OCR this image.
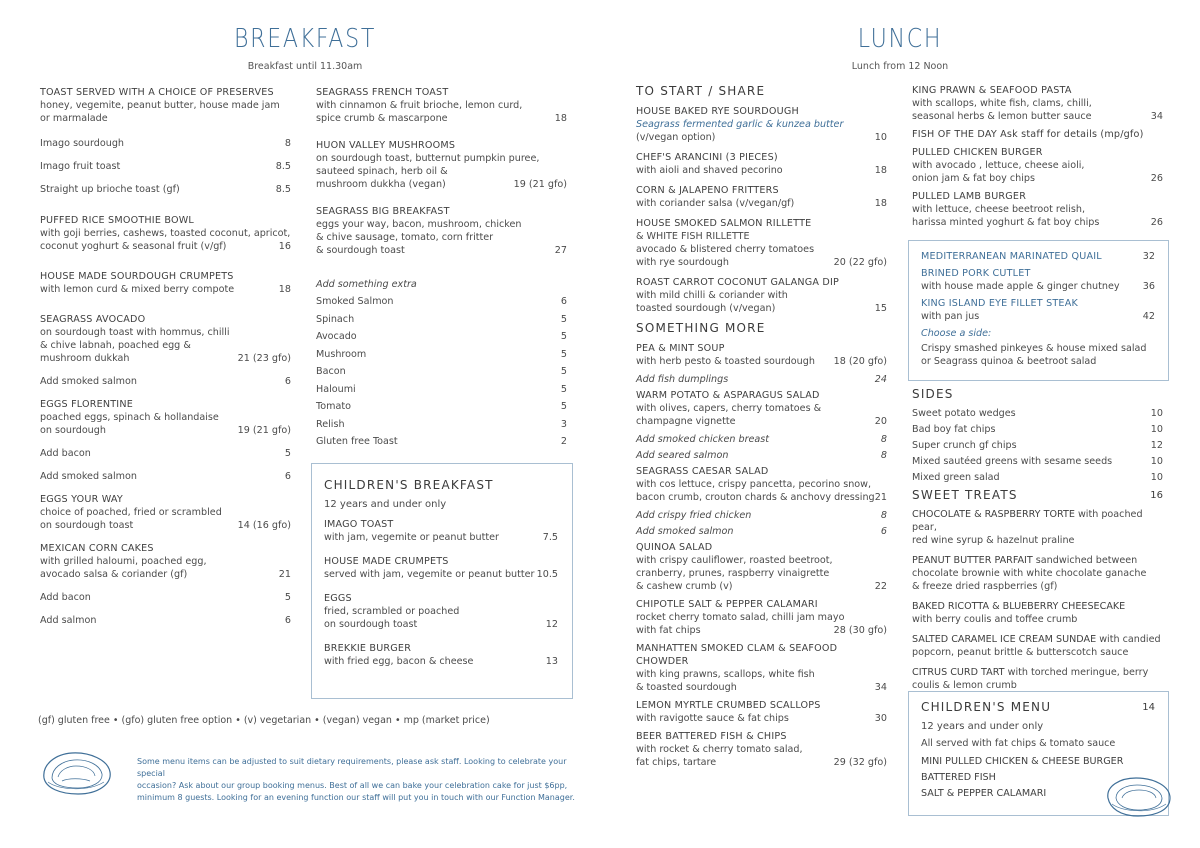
BREAKFAST
Breakfast until 11.30am
TOAST SERVED WITH A CHOICE OF PRESERVES
honey, vegemite, peanut butter, house made jam
or marmalade
Imago sourdough	8
Imago fruit toast	8.5
Straight up brioche toast (gf)	8.5
PUFFED RICE SMOOTHIE BOWL
with goji berries, cashews, toasted coconut, apricot,
coconut yoghurt & seasonal fruit (v/gf)	16
HOUSE MADE SOURDOUGH CRUMPETS
with lemon curd & mixed berry compote	18
SEAGRASS AVOCADO
on sourdough toast with hommus, chilli
& chive labnah, poached egg &
mushroom dukkah	21 (23 gfo)
Add smoked salmon	6
EGGS FLORENTINE
poached eggs, spinach & hollandaise
on sourdough	19 (21 gfo)
Add bacon	5
Add smoked salmon	6
EGGS YOUR WAY
choice of poached, fried or scrambled
on sourdough toast	14 (16 gfo)
MEXICAN CORN CAKES
with grilled haloumi, poached egg,
avocado salsa & coriander (gf)	21
Add bacon	5
Add salmon	6
SEAGRASS FRENCH TOAST
with cinnamon & fruit brioche, lemon curd,
spice crumb & mascarpone	18
HUON VALLEY MUSHROOMS
on sourdough toast, butternut pumpkin puree,
sauteed spinach, herb oil &
mushroom dukkha (vegan)	19 (21 gfo)
SEAGRASS BIG BREAKFAST
eggs your way, bacon, mushroom, chicken
& chive sausage, tomato, corn fritter
& sourdough toast	27
Add something extra
Smoked Salmon	6
Spinach	5
Avocado	5
Mushroom	5
Bacon	5
Haloumi	5
Tomato	5
Relish	3
Gluten free Toast	2
CHILDREN'S BREAKFAST
12 years and under only
IMAGO TOAST
with jam, vegemite or peanut butter	7.5
HOUSE MADE CRUMPETS
served with jam, vegemite or peanut butter 10.5
EGGS
fried, scrambled or poached
on sourdough toast	12
BREKKIE BURGER
with fried egg, bacon & cheese	13
(gf) gluten free • (gfo) gluten free option • (v) vegetarian • (vegan) vegan • mp (market price)
Some menu items can be adjusted to suit dietary requirements, please ask staff. Looking to celebrate your special
occasion? Ask about our group booking menus. Best of all we can bake your celebration cake for just $6pp,
minimum 8 guests. Looking for an evening function our staff will put you in touch with our Function Manager.
LUNCH
Lunch from 12 Noon
TO START / SHARE
HOUSE BAKED RYE SOURDOUGH
Seagrass fermented garlic & kunzea butter
(v/vegan option)	10
CHEF'S ARANCINI (3 PIECES)
with aioli and shaved pecorino	18
CORN & JALAPENO FRITTERS
with coriander salsa (v/vegan/gf)	18
HOUSE SMOKED SALMON RILLETTE
& WHITE FISH RILLETTE
avocado & blistered cherry tomatoes
with rye sourdough	20 (22 gfo)
ROAST CARROT COCONUT GALANGA DIP
with mild chilli & coriander with
toasted sourdough (v/vegan)	15
SOMETHING MORE
PEA & MINT SOUP
with herb pesto & toasted sourdough	18 (20 gfo)
Add fish dumplings	24
WARM POTATO & ASPARAGUS SALAD
with olives, capers, cherry tomatoes &
champagne vignette	20
Add smoked chicken breast	8
Add seared salmon	8
SEAGRASS CAESAR SALAD
with cos lettuce, crispy pancetta, pecorino snow,
bacon crumb, crouton chards & anchovy dressing 21
Add crispy fried chicken	8
Add smoked salmon	6
QUINOA SALAD
with crispy cauliflower, roasted beetroot,
cranberry, prunes, raspberry vinaigrette
& cashew crumb (v)	22
CHIPOTLE SALT & PEPPER CALAMARI
rocket cherry tomato salad, chilli jam mayo
with fat chips	28 (30 gfo)
MANHATTEN SMOKED CLAM & SEAFOOD CHOWDER
with king prawns, scallops, white fish
& toasted sourdough	34
LEMON MYRTLE CRUMBED SCALLOPS
with ravigotte sauce & fat chips	30
BEER BATTERED FISH & CHIPS
with rocket & cherry tomato salad,
fat chips, tartare	29 (32 gfo)
KING PRAWN & SEAFOOD PASTA
with scallops, white fish, clams, chilli,
seasonal herbs & lemon butter sauce	34
FISH OF THE DAY Ask staff for details (mp/gfo)
PULLED CHICKEN BURGER
with avocado , lettuce, cheese aioli,
onion jam & fat boy chips	26
PULLED LAMB BURGER
with lettuce, cheese beetroot relish,
harissa minted yoghurt & fat boy chips	26
MEDITERRANEAN MARINATED QUAIL	32
BRINED PORK CUTLET
with house made apple & ginger chutney	36
KING ISLAND EYE FILLET STEAK
with pan jus	42
Choose a side:
Crispy smashed pinkeyes & house mixed salad
or Seagrass quinoa & beetroot salad
SIDES
Sweet potato wedges	10
Bad boy fat chips	10
Super crunch gf chips	12
Mixed sautéed greens with sesame seeds	10
Mixed green salad	10
SWEET TREATS	16
CHOCOLATE & RASPBERRY TORTE with poached pear,
red wine syrup & hazelnut praline
PEANUT BUTTER PARFAIT sandwiched between
chocolate brownie with white chocolate ganache
& freeze dried raspberries (gf)
BAKED RICOTTA & BLUEBERRY CHEESECAKE
with berry coulis and toffee crumb
SALTED CARAMEL ICE CREAM SUNDAE with candied
popcorn, peanut brittle & butterscotch sauce
CITRUS CURD TART with torched meringue, berry
coulis & lemon crumb
CHILDREN'S MENU	14
12 years and under only
All served with fat chips & tomato sauce
MINI PULLED CHICKEN & CHEESE BURGER
BATTERED FISH
SALT & PEPPER CALAMARI
